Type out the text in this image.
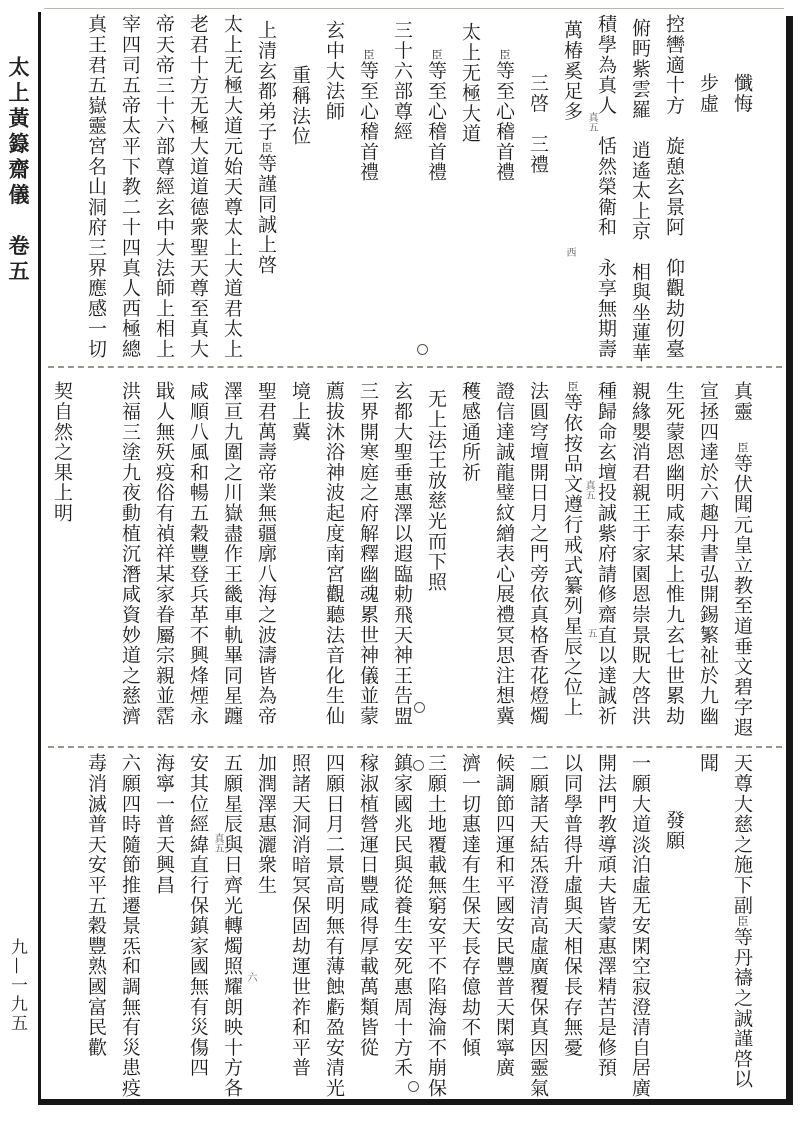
太上黃籙齋儀　卷五
九—一九五
懺悔
步虛
控轡適十方　旋憩玄景阿　仰觀劫仞臺
俯眄紫雲羅　逍遙太上京　相與坐蓮華
積學為真人　恬然榮衛和　永享無期壽
萬椿奚足多
三啓　三禮
臣等至心稽首禮
太上无極大道
臣等至心稽首禮
三十六部尊經
臣等至心稽首禮
玄中大法師
重稱法位
上清玄都弟子臣等謹同誠上啓
太上无極大道元始天尊太上大道君太上
老君十方无極大道道德衆聖天尊至真大
帝天帝三十六部尊經玄中大法師上相上
宰四司五帝太平下教二十四真人西極總
真王君五嶽靈宮名山洞府三界應感一切	真五
西
真靈　臣等伏聞元皇立教至道垂文碧字遐
宣拯四達於六趣丹書弘開錫繁祉於九幽
生死蒙恩幽明咸泰某上惟九玄七世累劫
親緣嬰消君親王于家園恩崇景貺大啓洪
種歸命玄壇投誠紫府請修齋直以達誠祈
臣等依按品文遵行戒式纂列星辰之位上
法圓穹壇開日月之門旁依真格香花燈燭
證信達誠龍璧紋繒表心展禮冥思注想冀
穫感通所祈
无上法王放慈光而下照
玄都大聖垂惠澤以遐臨勅飛天神王告盟
三界開寒庭之府解釋幽魂累世神儀並蒙
薦拔沐浴神波起度南宮觀聽法音化生仙
境上冀
聖君萬壽帝業無疆廓八海之波濤皆為帝
澤亘九圍之川嶽盡作王畿車軌畢同星躔
咸順八風和暢五穀豐登兵革不興烽煙永
戢人無殀疫俗有禎祥某家眷屬宗親並霑
洪福三塗九夜動植沉潛咸資妙道之慈濟
契自然之果上明	真五
五
天尊大慈之施下副臣等丹禱之誠謹啓以
聞
發願
一願大道淡泊虛无安閑空寂澄清自居廣
開法門教導頑夫皆蒙惠澤精苦是修預
以同學普得升虛與天相保長存無憂
二願諸天結炁澄清高虛廣覆保真因靈氣
候調節四運和平國安民豐普天閑寧廣
濟一切惠達有生保天長存億劫不傾
三願土地覆載無窮安平不陷海淪不崩保
鎮家國兆民與從養生安死惠周十方禾
稼淑植營運日豐咸得厚載萬類皆從
四願日月二景高明無有薄蝕虧盈安清光
照諸天洞消暗冥保固劫運世祚和平普
加潤澤惠灑衆生
五願星辰與日齊光轉燭照耀朗映十方各
安其位經緯直行保鎮家國無有災傷四
海寧一普天興昌
六願四時隨節推遷景炁和調無有災患疫
毒消滅普天安平五穀豐熟國富民歡	真五
六
